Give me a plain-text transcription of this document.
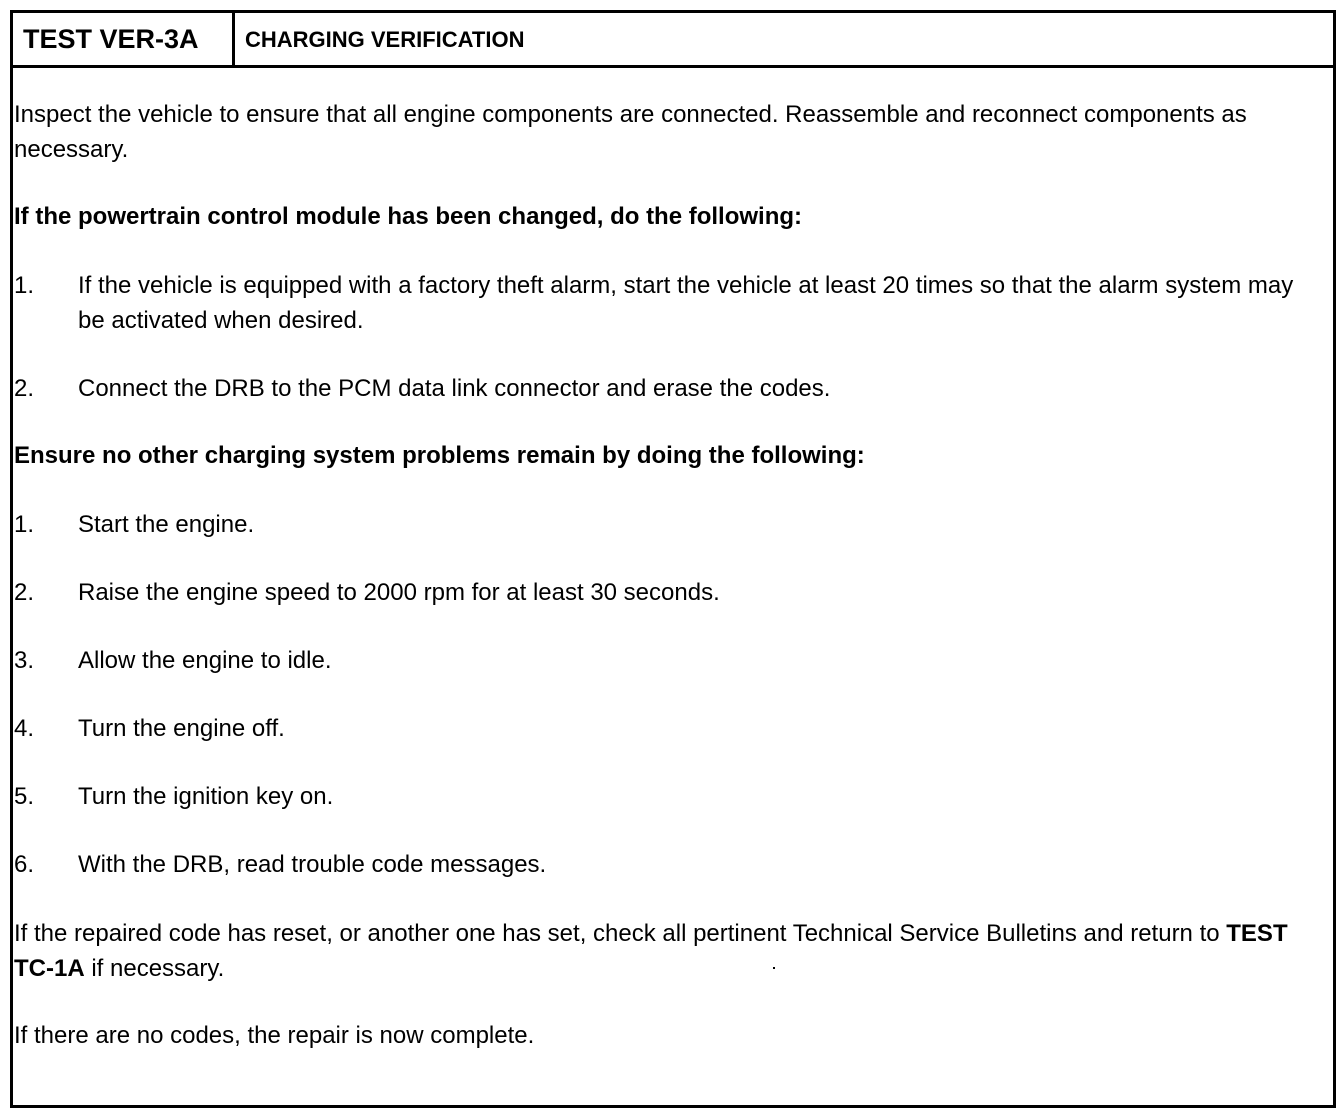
TEST VER-3A	CHARGING VERIFICATION
Inspect the vehicle to ensure that all engine components are connected. Reassemble and reconnect components as necessary.
If the powertrain control module has been changed, do the following:
1.	If the vehicle is equipped with a factory theft alarm, start the vehicle at least 20 times so that the alarm system may be activated when desired.
2.	Connect the DRB to the PCM data link connector and erase the codes.
Ensure no other charging system problems remain by doing the following:
1.	Start the engine.
2.	Raise the engine speed to 2000 rpm for at least 30 seconds.
3.	Allow the engine to idle.
4.	Turn the engine off.
5.	Turn the ignition key on.
6.	With the DRB, read trouble code messages.
If the repaired code has reset, or another one has set, check all pertinent Technical Service Bulletins and return to TEST TC-1A if necessary.
If there are no codes, the repair is now complete.
